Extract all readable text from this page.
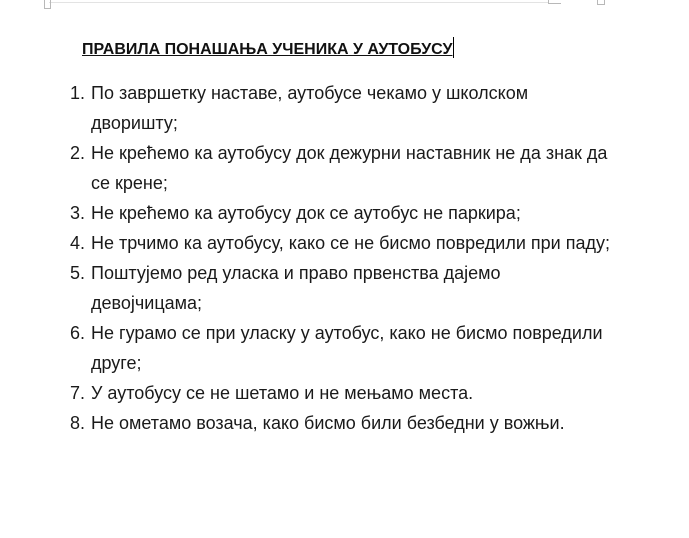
ПРАВИЛА ПОНАШАЊА УЧЕНИКА У АУТОБУСУ
1. По завршетку наставе, аутобусе чекамо у школском дворишту;
2. Не крећемо ка аутобусу док дежурни наставник не да знак да се крене;
3. Не крећемо ка аутобусу док се аутобус не паркира;
4. Не трчимо ка аутобусу, како се не бисмо повредили при паду;
5. Поштујемо ред уласка и право првенства дајемо девојчицама;
6. Не гурамо се при уласку у аутобус, како не бисмо повредили друге;
7. У аутобусу се не шетамо и не мењамо места.
8. Не ометамо возача, како бисмо били безбедни у вожњи.
